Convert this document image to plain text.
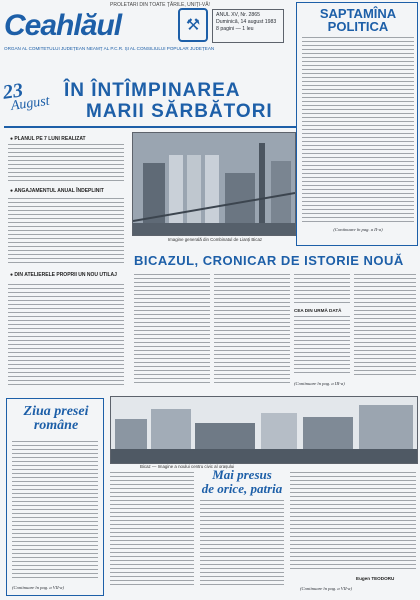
PROLETARI DIN TOATE ȚĂRILE, UNIȚI-VĂ!
Ceahlăul	⚒
ORGAN AL COMITETULUI JUDEȚEAN NEAMȚ AL P.C.R. ȘI AL CONSILIULUI POPULAR JUDEȚEAN
ANUL XV, Nr. 2865
Duminică, 14 august 1983
8 pagini — 1 leu
SAPTAMÎNA
POLITICA
(Continuare în pag. a II-a)
23
August
ÎN ÎNTÎMPINAREA
MARII SĂRBĂTORI
● PLANUL PE 7 LUNI REALIZAT
● ANGAJAMENTUL ANUAL ÎNDEPLINIT
● DIN ATELIERELE PROPRII UN NOU UTILAJ
Imagine generală din Combinatul de Lianți Bicaz
BICAZUL, CRONICAR DE ISTORIE NOUĂ
CEA DIN URMĂ DATĂ
(Continuare în pag. a III-a)
Ziua presei
române
(Continuare în pag. a VII-a)
Bicaz — Imagine a noului centru civic al orașului
Mai presus
de orice, patria
Eugen TEODORU
(Continuare în pag. a VII-a)
